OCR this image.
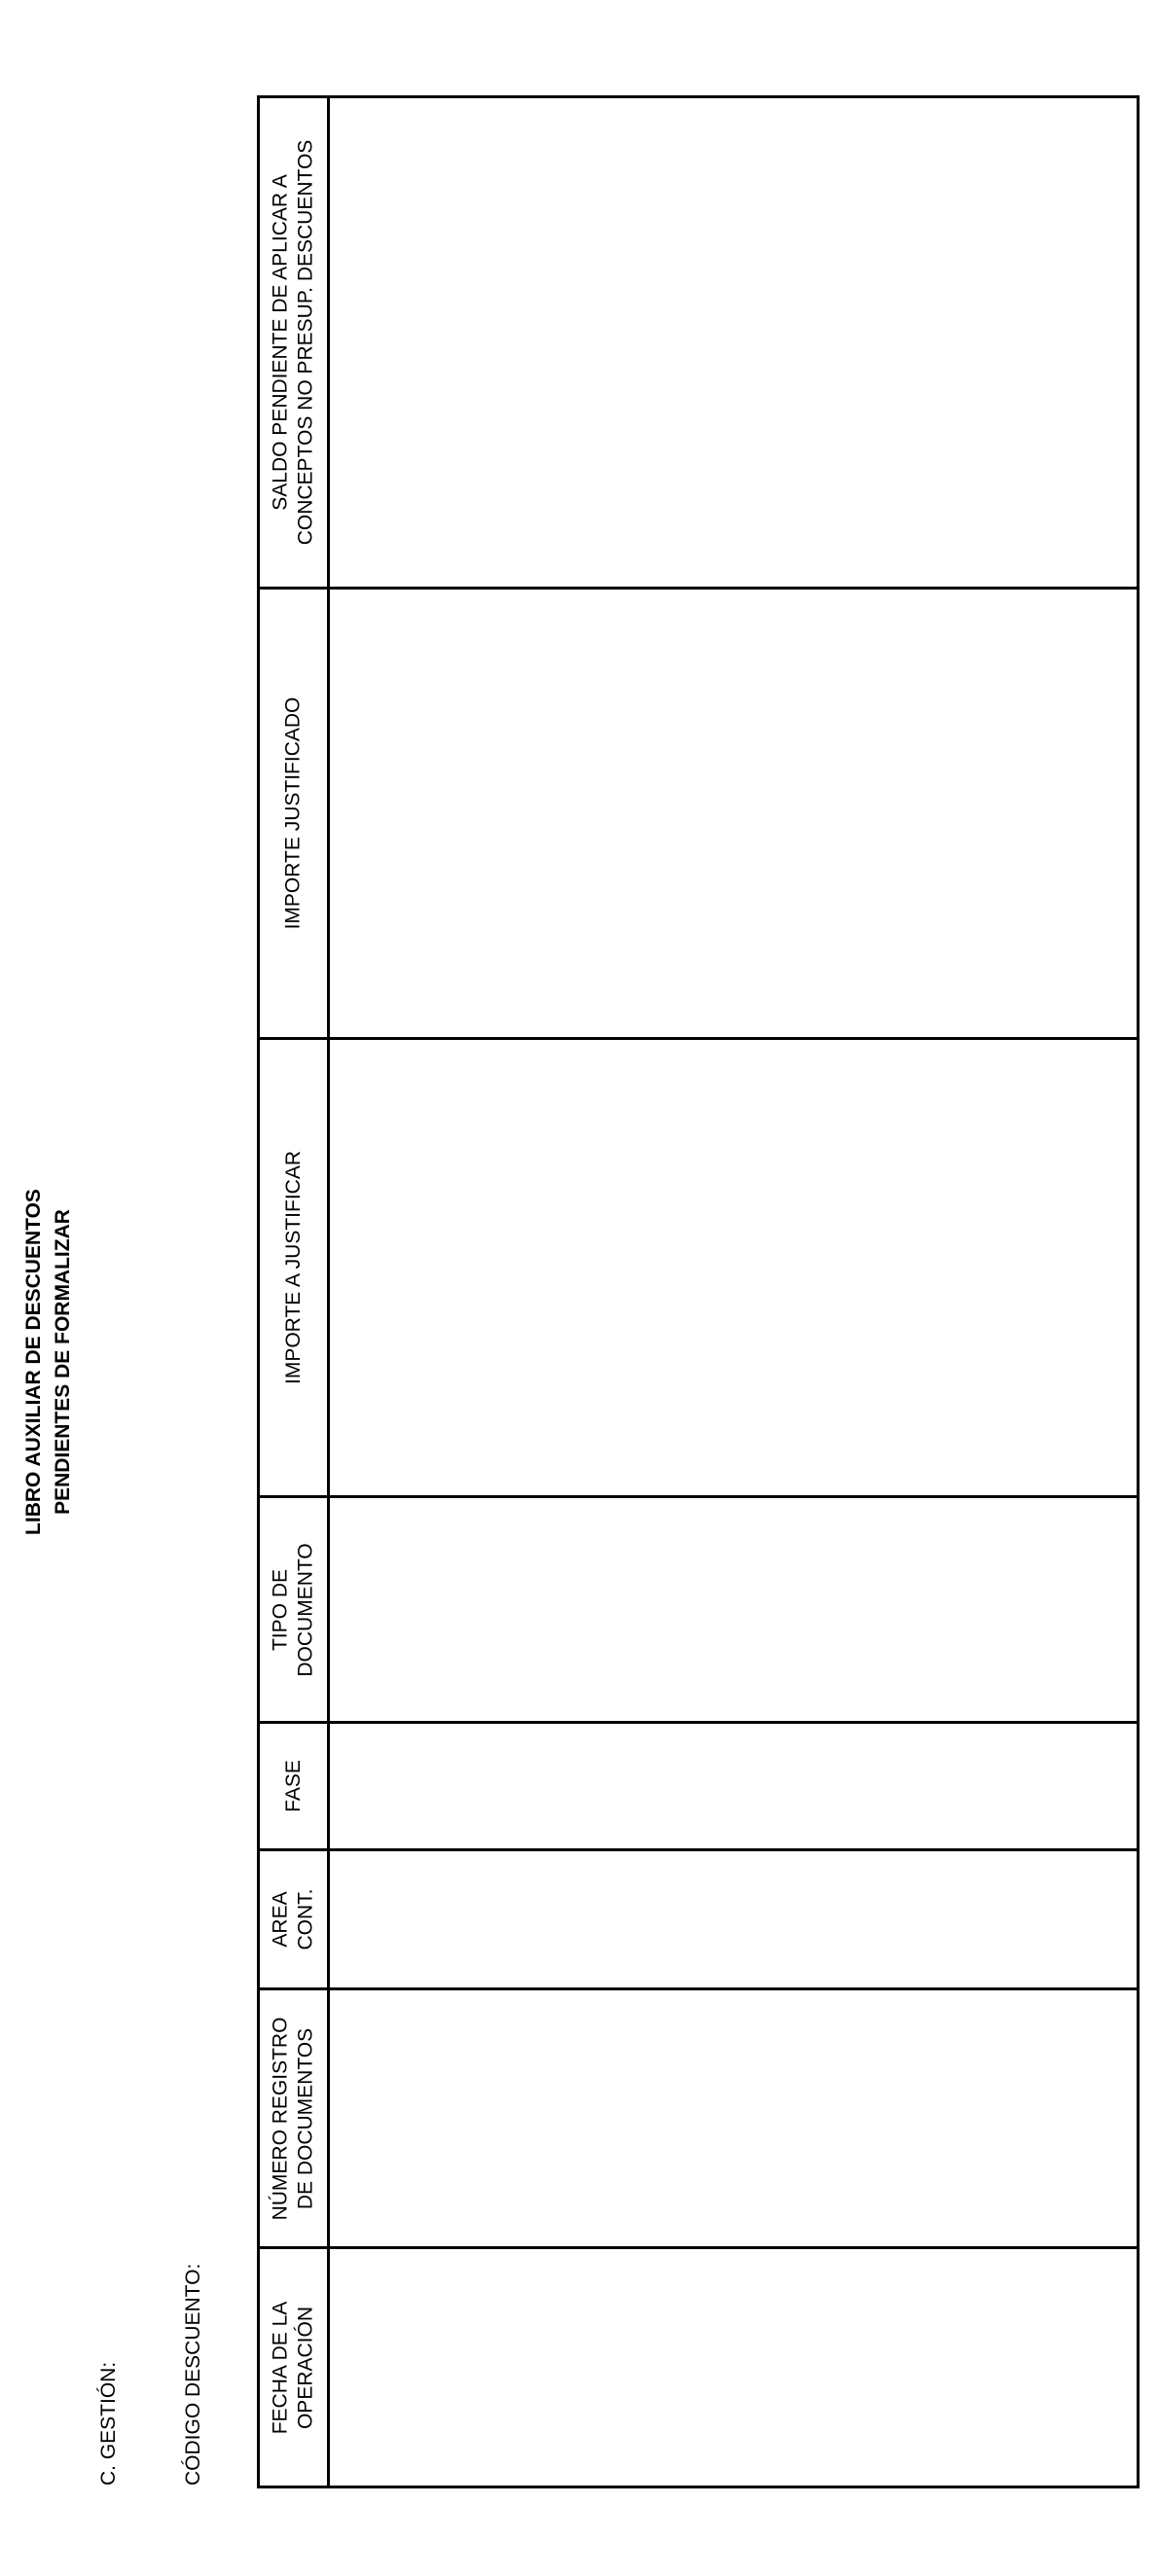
LIBRO AUXILIAR DE DESCUENTOS PENDIENTES DE FORMALIZAR
C. GESTIÓN:	CÓDIGO DESCUENTO:
SALDO PENDIENTE DE APLICAR A CONCEPTOS NO PRESUP. DESCUENTOS
IMPORTE JUSTIFICADO
IMPORTE A JUSTIFICAR
TIPO DE DOCUMENTO
FASE
AREA CONT.
NÚMERO REGISTRO DE DOCUMENTOS
FECHA DE LA OPERACIÓN
